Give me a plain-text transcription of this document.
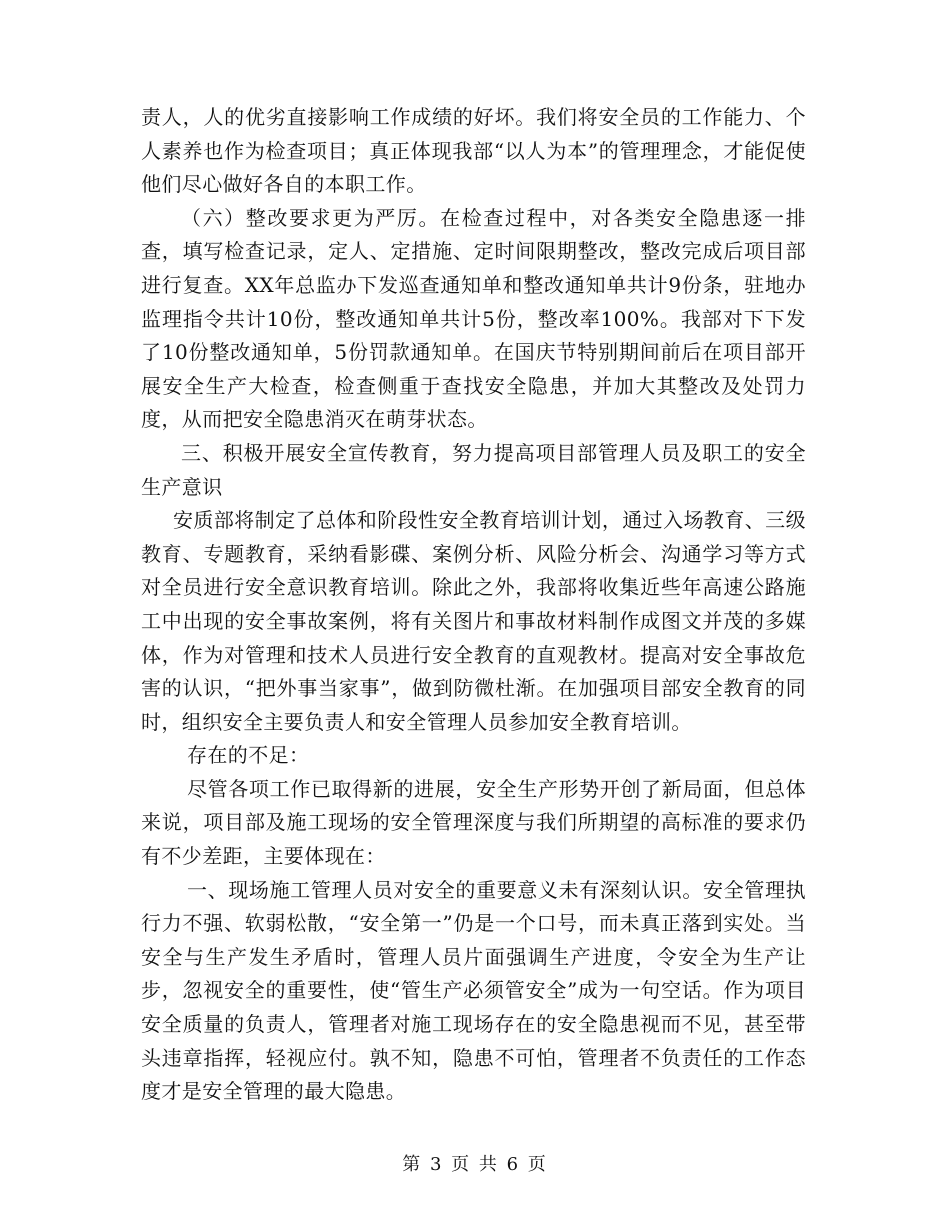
责人，人的优劣直接影响工作成绩的好坏。我们将安全员的工作能力、个人素养也作为检查项目；真正体现我部“以人为本”的管理理念，才能促使他们尽心做好各自的本职工作。

（六）整改要求更为严厉。在检查过程中，对各类安全隐患逐一排查，填写检查记录，定人、定措施、定时间限期整改，整改完成后项目部进行复查。XX年总监办下发巡查通知单和整改通知单共计9份条，驻地办监理指令共计10份，整改通知单共计5份，整改率100%。我部对下下发了10份整改通知单，5份罚款通知单。在国庆节特别期间前后在项目部开展安全生产大检查，检查侧重于查找安全隐患，并加大其整改及处罚力度，从而把安全隐患消灭在萌芽状态。

三、积极开展安全宣传教育，努力提高项目部管理人员及职工的安全生产意识

安质部将制定了总体和阶段性安全教育培训计划，通过入场教育、三级教育、专题教育，采纳看影碟、案例分析、风险分析会、沟通学习等方式对全员进行安全意识教育培训。除此之外，我部将收集近些年高速公路施工中出现的安全事故案例，将有关图片和事故材料制作成图文并茂的多媒体，作为对管理和技术人员进行安全教育的直观教材。提高对安全事故危害的认识，“把外事当家事”，做到防微杜渐。在加强项目部安全教育的同时，组织安全主要负责人和安全管理人员参加安全教育培训。

存在的不足：

尽管各项工作已取得新的进展，安全生产形势开创了新局面，但总体来说，项目部及施工现场的安全管理深度与我们所期望的高标准的要求仍有不少差距，主要体现在：

一、现场施工管理人员对安全的重要意义未有深刻认识。安全管理执行力不强、软弱松散，“安全第一”仍是一个口号，而未真正落到实处。当安全与生产发生矛盾时，管理人员片面强调生产进度，令安全为生产让步，忽视安全的重要性，使“管生产必须管安全”成为一句空话。作为项目安全质量的负责人，管理者对施工现场存在的安全隐患视而不见，甚至带头违章指挥，轻视应付。孰不知，隐患不可怕，管理者不负责任的工作态度才是安全管理的最大隐患。

第 3 页 共 6 页
